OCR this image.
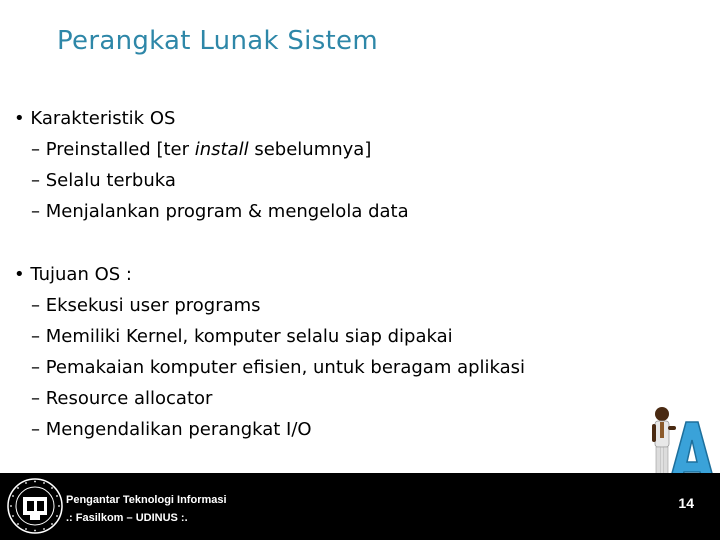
Perangkat Lunak Sistem
• Karakteristik OS
– Preinstalled [ter install sebelumnya]
– Selalu terbuka
– Menjalankan program & mengelola data
• Tujuan OS :
– Eksekusi user programs
– Memiliki Kernel, komputer selalu siap dipakai
– Pemakaian komputer efisien, untuk beragam aplikasi
– Resource allocator
– Mengendalikan perangkat I/O
Pengantar Teknologi Informasi
.: Fasilkom – UDINUS :.
14
